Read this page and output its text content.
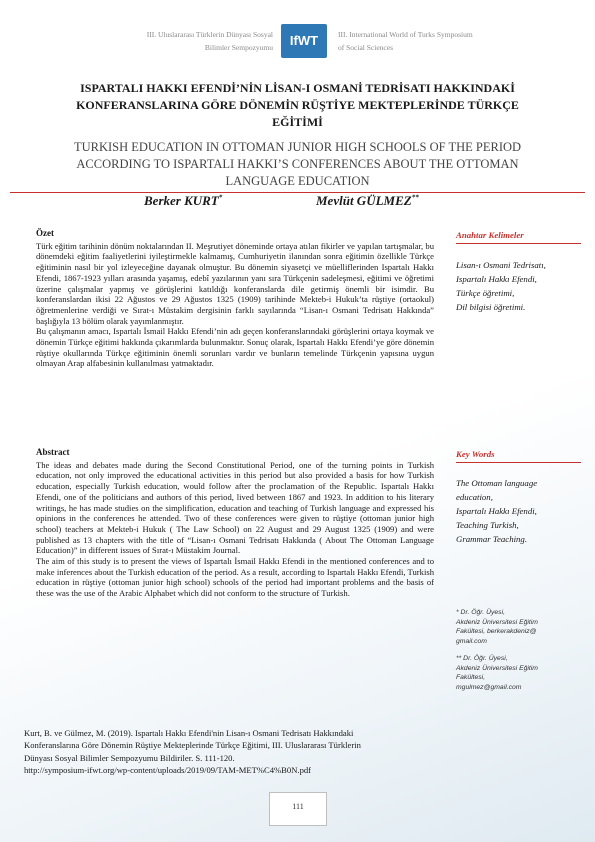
III. Uluslararası Türklerin Dünyası Sosyal
Bilimler Sempozyumu	IfWT	III. International World of Turks Symposium
of Social Sciences
ISPARTALI HAKKI EFENDİ’NİN LİSAN-I OSMANİ TEDRİSATI HAKKINDAKİ
KONFERANSLARINA GÖRE DÖNEMİN RÜŞTİYE MEKTEPLERİNDE TÜRKÇE
EĞİTİMİ
TURKISH EDUCATION IN OTTOMAN JUNIOR HIGH SCHOOLS OF THE PERIOD
ACCORDING TO ISPARTALI HAKKI’S CONFERENCES ABOUT THE OTTOMAN
LANGUAGE EDUCATION
Berker KURT*	Mevlüt GÜLMEZ**
Özet

Türk eğitim tarihinin dönüm noktalarından II. Meşrutiyet döneminde ortaya atılan fikirler ve yapılan tartışmalar, bu dönemdeki eğitim faaliyetlerini iyileştirmekle kalmamış, Cumhuriyetin ilanından sonra eğitimin özellikle Türkçe eğitiminin nasıl bir yol izleyeceğine dayanak olmuştur. Bu dönemin siyasetçi ve müelliflerinden Ispartalı Hakkı Efendi, 1867-1923 yılları arasında yaşamış, edebî yazılarının yanı sıra Türkçenin sadeleşmesi, eğitimi ve öğretimi üzerine çalışmalar yapmış ve görüşlerini katıldığı konferanslarda dile getirmiş önemli bir isimdir. Bu konferanslardan ikisi 22 Ağustos ve 29 Ağustos 1325 (1909) tarihinde Mekteb-i Hukuk’ta rüştiye (ortaokul) öğretmenlerine verdiği ve Sırat-ı Müstakim dergisinin farklı sayılarında “Lisan-ı Osmani Tedrisatı Hakkında” başlığıyla 13 bölüm olarak yayımlanmıştır.

Bu çalışmanın amacı, Ispartalı İsmail Hakkı Efendi’nin adı geçen konferanslarındaki görüşlerini ortaya koymak ve dönemin Türkçe eğitimi hakkında çıkarımlarda bulunmaktır. Sonuç olarak, Ispartalı Hakkı Efendi’ye göre dönemin rüştiye okullarında Türkçe eğitiminin önemli sorunları vardır ve bunların temelinde Türkçenin yapısına uygun olmayan Arap alfabesinin kullanılması yatmaktadır.

Abstract

The ideas and debates made during the Second Constitutional Period, one of the turning points in Turkish education, not only improved the educational activities in this period but also provided a basis for how Turkish education, especially Turkish education, would follow after the proclamation of the Republic. Ispartalı Hakkı Efendi, one of the politicians and authors of this period, lived between 1867 and 1923. In addition to his literary writings, he has made studies on the simplification, education and teaching of Turkish language and expressed his opinions in the conferences he attended. Two of these conferences were given to rüştiye (ottoman junior high school) teachers at Mekteb-i Hukuk ( The Law School) on 22 August and 29 August 1325 (1909) and were published as 13 chapters with the title of “Lisan-ı Osmani Tedrisatı Hakkında ( About The Ottoman Language Education)” in different issues of Sırat-ı Müstakim Journal.

The aim of this study is to present the views of Ispartalı İsmail Hakkı Efendi in the mentioned conferences and to make inferences about the Turkish education of the period. As a result, according to Ispartalı Hakkı Efendi, Turkish education in rüştiye (ottoman junior high school) schools of the period had important problems and the basis of these was the use of the Arabic Alphabet which did not conform to the structure of Turkish.

Anahtar Kelimeler
Lisan-ı Osmani Tedrisatı,
Ispartalı Hakkı Efendi,
Türkçe öğretimi,
Dil bilgisi öğretimi.
Key Words
The Ottoman language
education,
Ispartalı Hakkı Efendi,
Teaching Turkish,
Grammar Teaching.
* Dr. Öğr. Üyesi,
Akdeniz Üniversitesi Eğitim
Fakültesi, berkerakdeniz@
gmail.com
** Dr. Öğr. Üyesi,
Akdeniz Üniversitesi Eğitim
Fakültesi,
mgulmez@gmail.com
Kurt, B. ve Gülmez, M. (2019). Ispartalı Hakkı Efendi'nin Lisan-ı Osmani Tedrisatı Hakkındaki
Konferanslarına Göre Dönemin Rüştiye Mekteplerinde Türkçe Eğitimi, III. Uluslararası Türklerin
Dünyası Sosyal Bilimler Sempozyumu Bildiriler. S. 111-120.
http://symposium-ifwt.org/wp-content/uploads/2019/09/TAM-MET%C4%B0N.pdf
111
